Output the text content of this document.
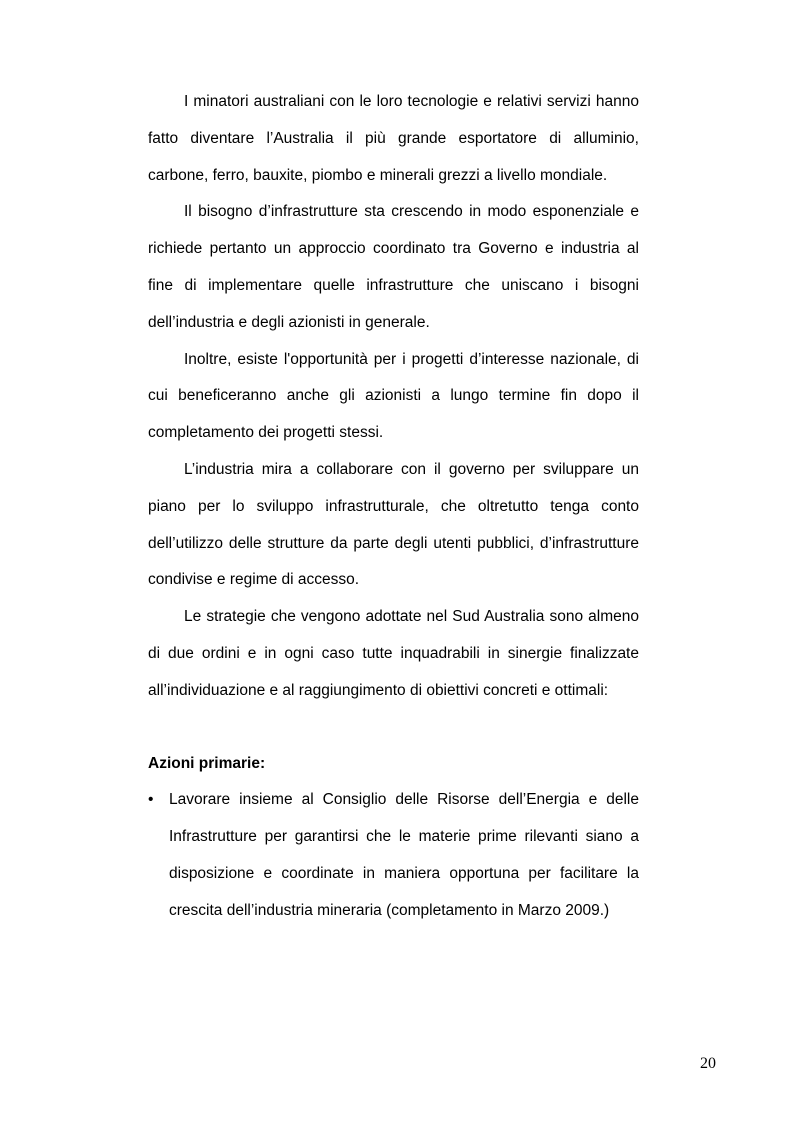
I minatori australiani con le loro tecnologie e relativi servizi hanno fatto diventare l’Australia il più grande esportatore di alluminio, carbone, ferro, bauxite, piombo e minerali grezzi a livello mondiale.

Il bisogno d’infrastrutture sta crescendo in modo esponenziale e richiede pertanto un approccio coordinato tra Governo e industria al fine di implementare quelle infrastrutture che uniscano i bisogni dell’industria e degli azionisti in generale.

Inoltre, esiste l'opportunità per i progetti d’interesse nazionale, di cui beneficeranno anche gli azionisti a lungo termine fin dopo il completamento dei progetti stessi.

L’industria mira a collaborare con il governo per sviluppare un piano per lo sviluppo infrastrutturale, che oltretutto tenga conto dell’utilizzo delle strutture da parte degli utenti pubblici, d’infrastrutture condivise e regime di accesso.

Le strategie che vengono adottate nel Sud Australia sono almeno di due ordini e in ogni caso tutte inquadrabili in sinergie finalizzate all’individuazione e al raggiungimento di obiettivi concreti e ottimali:

Azioni primarie:

• Lavorare insieme al Consiglio delle Risorse dell’Energia e delle Infrastrutture per garantirsi che le materie prime rilevanti siano a disposizione e coordinate in maniera opportuna per facilitare la crescita dell’industria mineraria (completamento in Marzo 2009.)
20
